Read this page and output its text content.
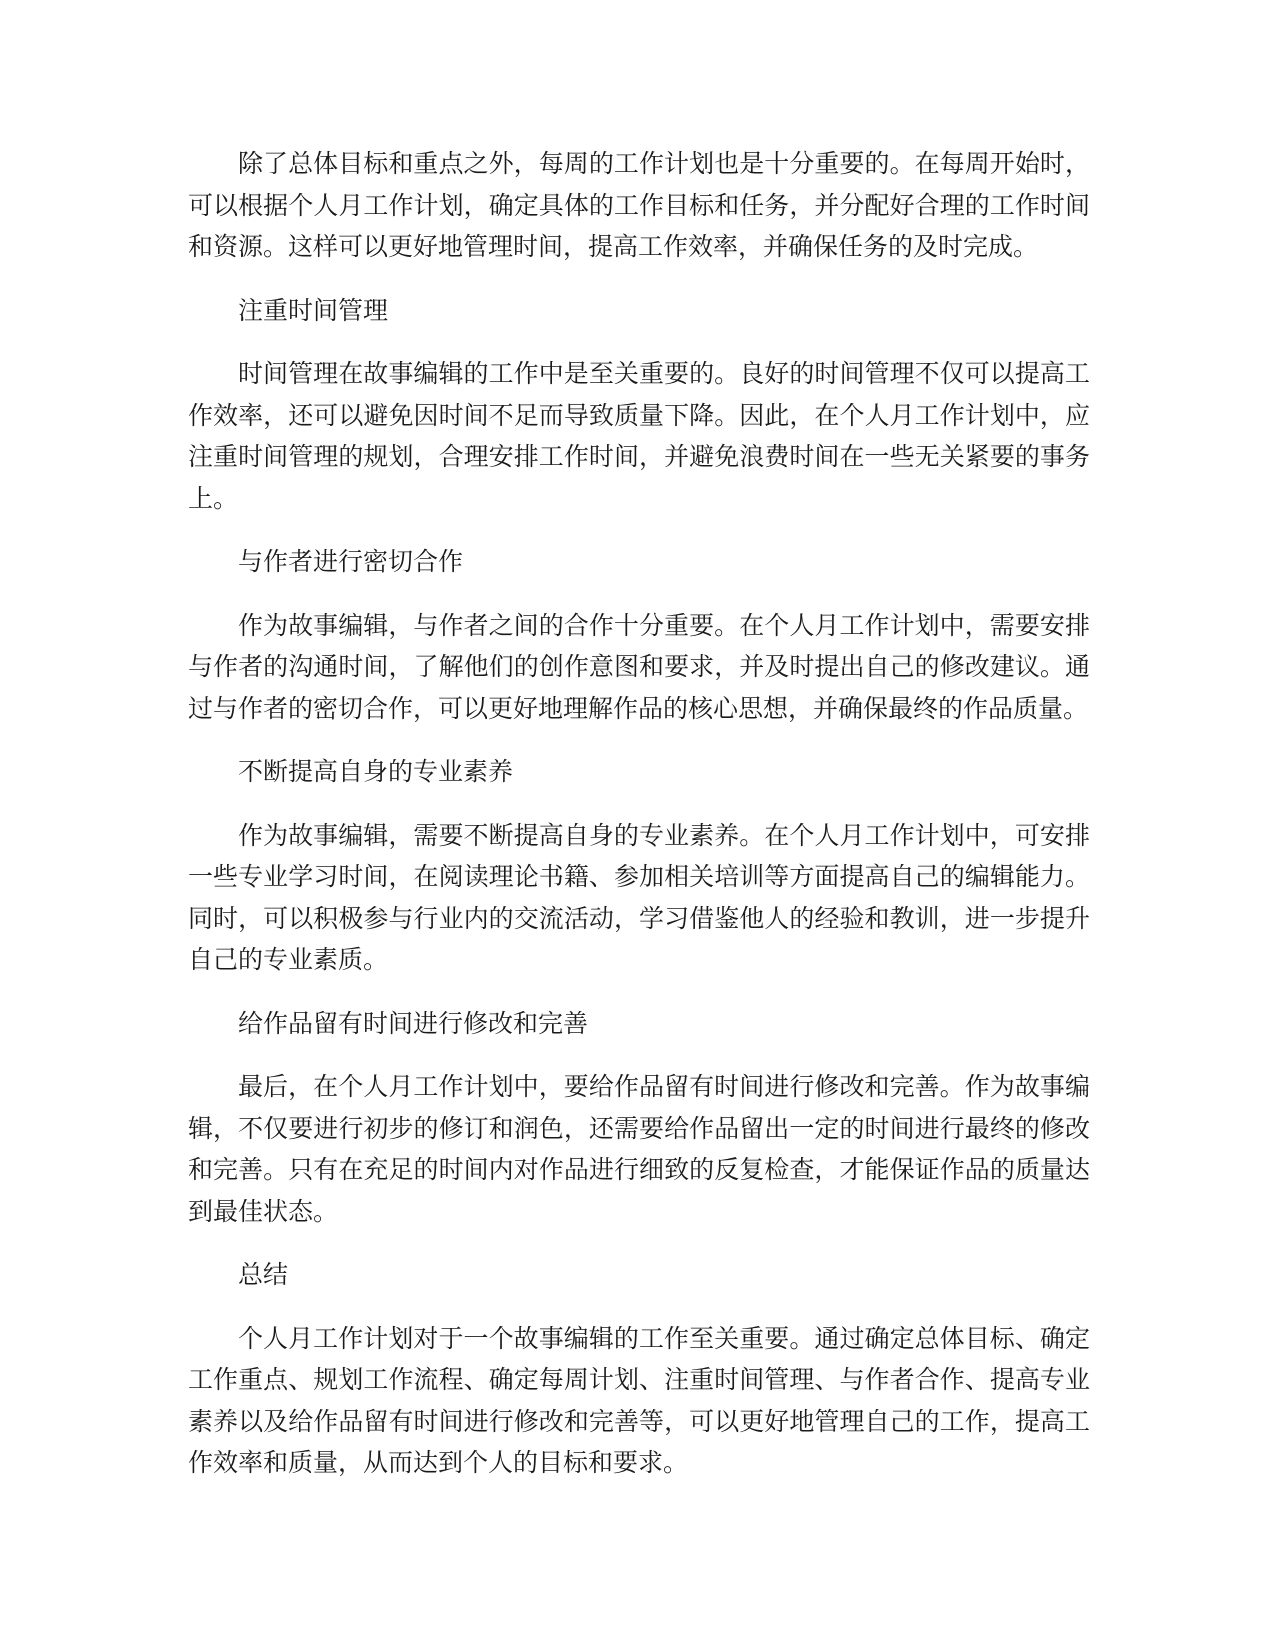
除了总体目标和重点之外，每周的工作计划也是十分重要的。在每周开始时，可以根据个人月工作计划，确定具体的工作目标和任务，并分配好合理的工作时间和资源。这样可以更好地管理时间，提高工作效率，并确保任务的及时完成。

注重时间管理

时间管理在故事编辑的工作中是至关重要的。良好的时间管理不仅可以提高工作效率，还可以避免因时间不足而导致质量下降。因此，在个人月工作计划中，应注重时间管理的规划，合理安排工作时间，并避免浪费时间在一些无关紧要的事务上。

与作者进行密切合作

作为故事编辑，与作者之间的合作十分重要。在个人月工作计划中，需要安排与作者的沟通时间，了解他们的创作意图和要求，并及时提出自己的修改建议。通过与作者的密切合作，可以更好地理解作品的核心思想，并确保最终的作品质量。

不断提高自身的专业素养

作为故事编辑，需要不断提高自身的专业素养。在个人月工作计划中，可安排一些专业学习时间，在阅读理论书籍、参加相关培训等方面提高自己的编辑能力。同时，可以积极参与行业内的交流活动，学习借鉴他人的经验和教训，进一步提升自己的专业素质。

给作品留有时间进行修改和完善

最后，在个人月工作计划中，要给作品留有时间进行修改和完善。作为故事编辑，不仅要进行初步的修订和润色，还需要给作品留出一定的时间进行最终的修改和完善。只有在充足的时间内对作品进行细致的反复检查，才能保证作品的质量达到最佳状态。

总结

个人月工作计划对于一个故事编辑的工作至关重要。通过确定总体目标、确定工作重点、规划工作流程、确定每周计划、注重时间管理、与作者合作、提高专业素养以及给作品留有时间进行修改和完善等，可以更好地管理自己的工作，提高工作效率和质量，从而达到个人的目标和要求。
